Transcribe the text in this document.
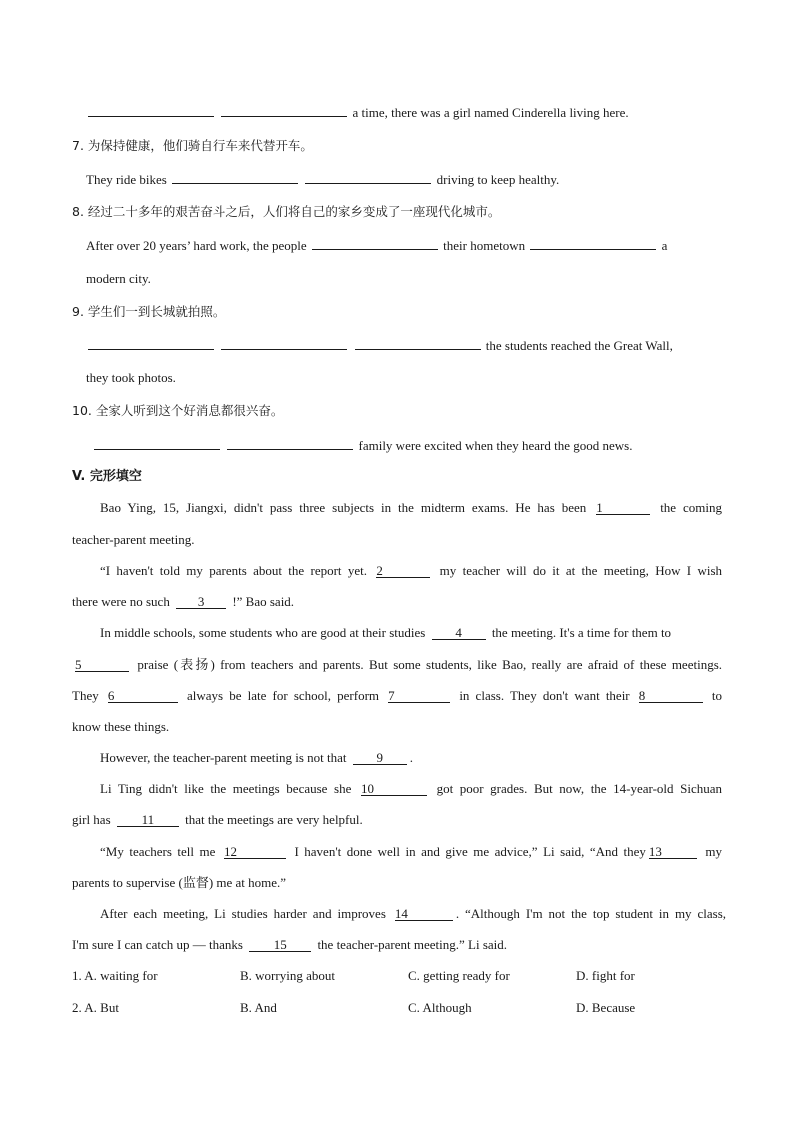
a time, there was a girl named Cinderella living here.
7. 为保持健康，他们骑自行车来代替开车。
They ride bikes	driving to keep healthy.
8. 经过二十多年的艰苦奋斗之后，人们将自己的家乡变成了一座现代化城市。
After over 20 years’ hard work, the people	their hometown	a
modern city.
9. 学生们一到长城就拍照。
the students reached the Great Wall,
they took photos.
10. 全家人听到这个好消息都很兴奋。
family were excited when they heard the good news.
V. 完形填空
Bao Ying, 15, Jiangxi, didn't pass three subjects in the midterm exams. He has been 1	the coming
teacher-parent meeting.
“I haven't told my parents about the report yet. 2	my teacher will do it at the meeting, How I wish
there were no such 3 !” Bao said.
In middle schools, some students who are good at their studies 4 the meeting. It's a time for them to
5	praise (表扬) from teachers and parents. But some students, like Bao, really are afraid of these meetings.
They 6	always be late for school, perform 7	in class. They don't want their 8	to
know these things.
However, the teacher-parent meeting is not that 9 .
Li Ting didn't like the meetings because she 10	got poor grades. But now, the 14-year-old Sichuan
girl has 11 that the meetings are very helpful.
“My teachers tell me 12	I haven't done well in and give me advice,” Li said, “And they 13	my
parents to supervise (监督) me at home.”
After each meeting, Li studies harder and improves 14	. “Although I'm not the top student in my class,
I'm sure I can catch up — thanks 15 the teacher-parent meeting.” Li said.
1. A. waiting for	B. worrying about	C. getting ready for	D. fight for
2. A. But	B. And	C. Although	D. Because
